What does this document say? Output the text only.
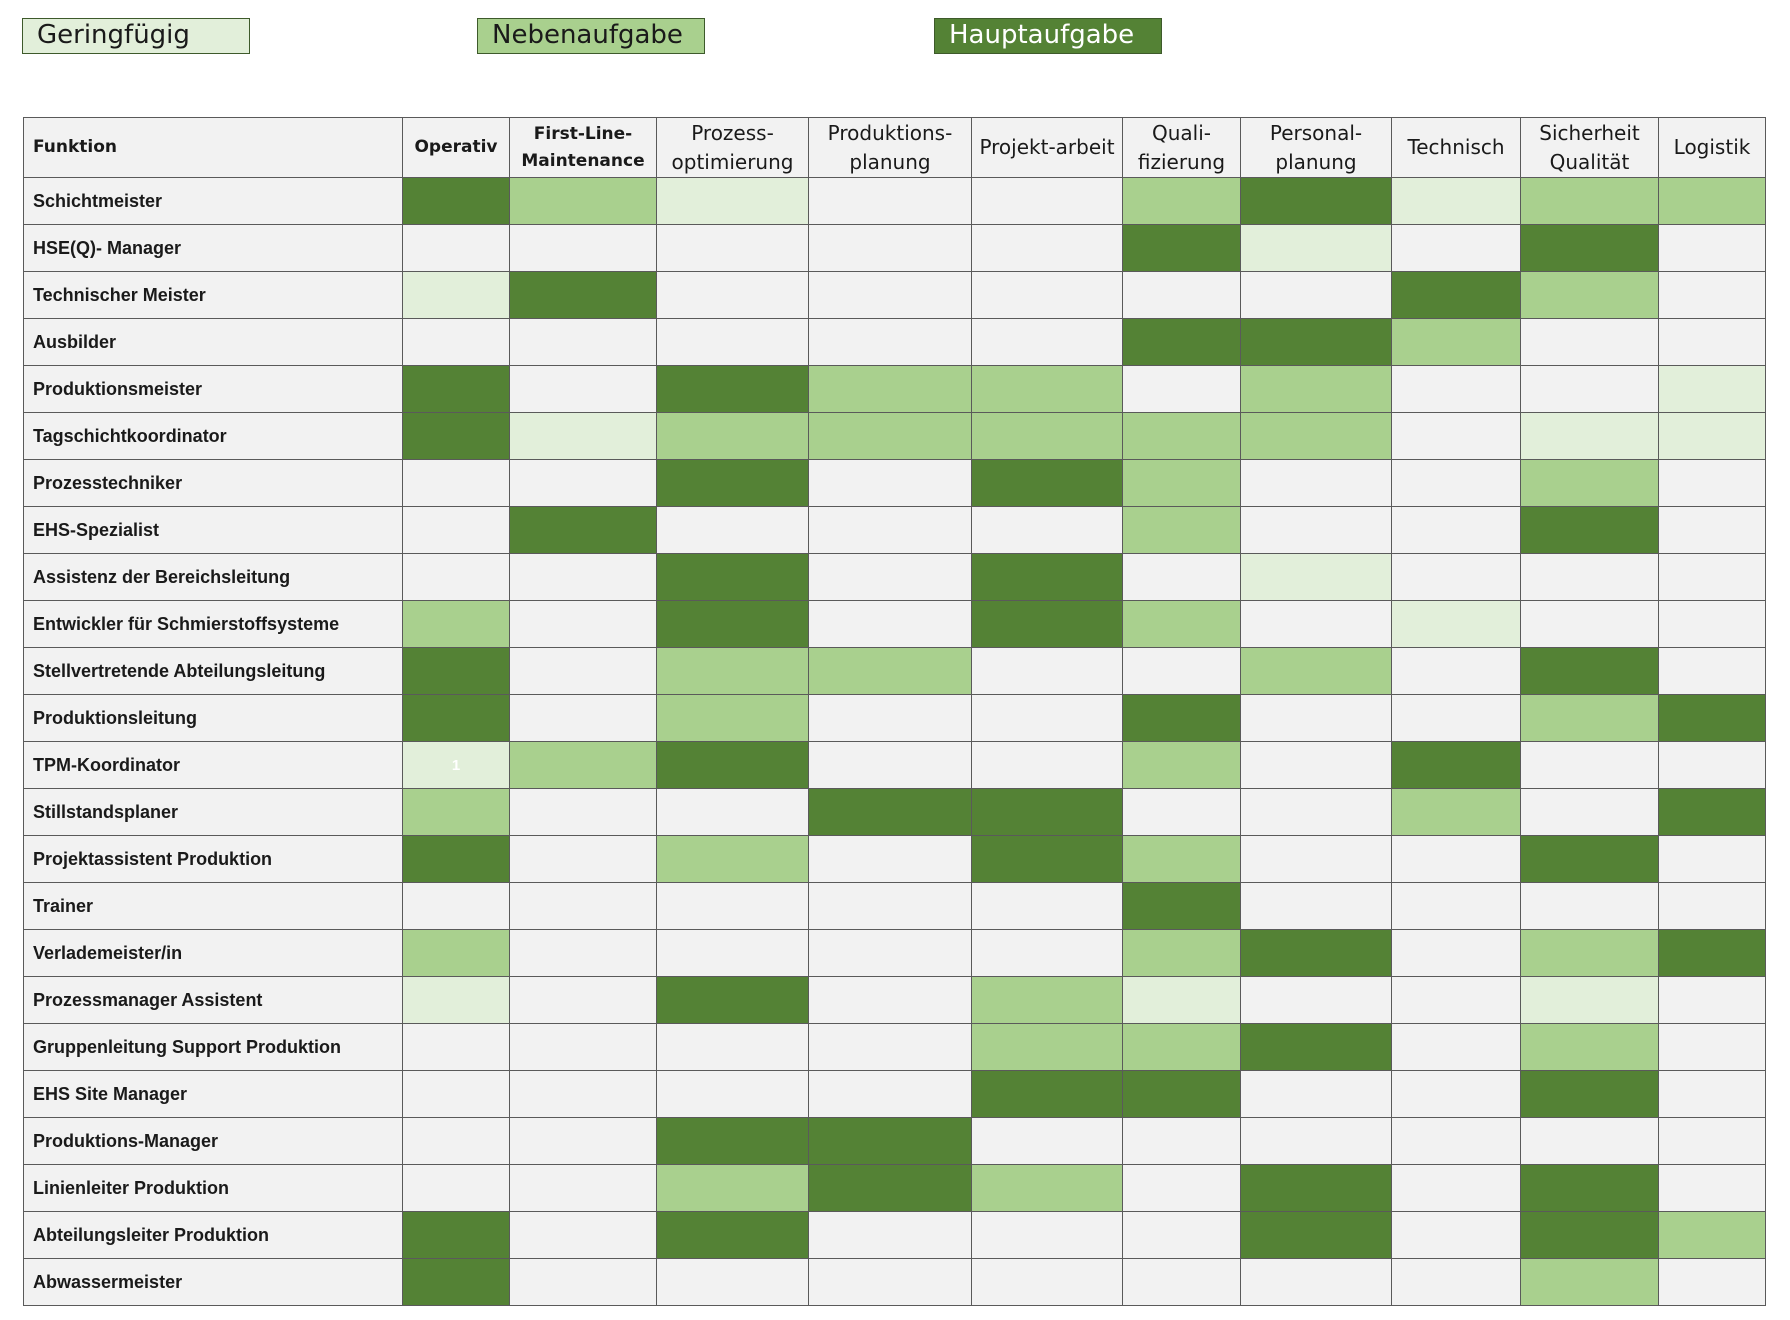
Geringfügig	Nebenaufgabe	Hauptaufgabe
Funktion	Operativ	First-Line-Maintenance	Prozess-optimierung	Produktions-planung	Projekt-arbeit	Quali-fizierung	Personal-planung	Technisch	Sicherheit Qualität	Logistik
Schichtmeister										
HSE(Q)- Manager										
Technischer Meister										
Ausbilder										
Produktionsmeister										
Tagschichtkoordinator										
Prozesstechniker										
EHS-Spezialist										
Assistenz der Bereichsleitung										
Entwickler für Schmierstoffsysteme										
Stellvertretende Abteilungsleitung										
Produktionsleitung										
TPM-Koordinator	1									
Stillstandsplaner										
Projektassistent Produktion										
Trainer										
Verlademeister/in										
Prozessmanager Assistent										
Gruppenleitung Support Produktion										
EHS Site Manager										
Produktions-Manager										
Linienleiter Produktion										
Abteilungsleiter Produktion										
Abwassermeister										
